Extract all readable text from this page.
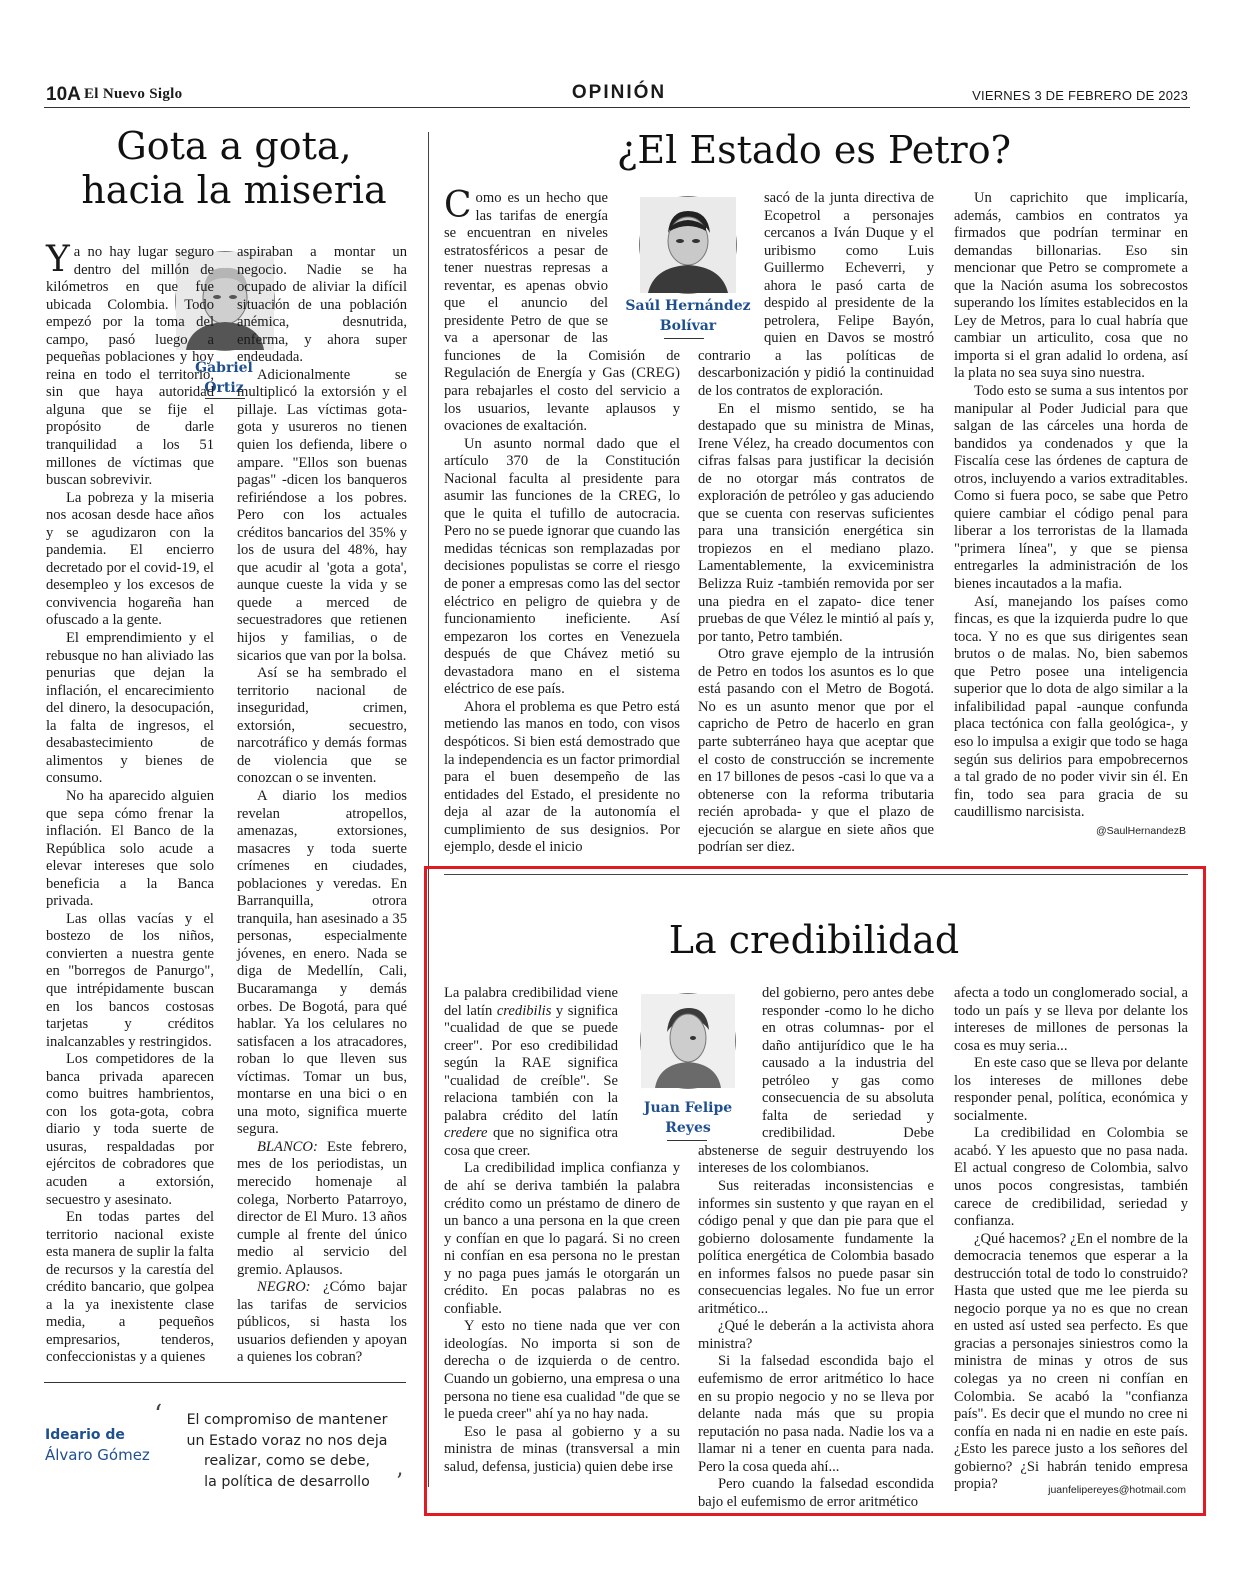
10A El Nuevo Siglo	OPINIÓN	VIERNES 3 DE FEBRERO DE 2023
Gota a gota,
hacia la miseria
Gabriel
Ortiz

Ya no hay lugar seguro dentro del millón de kilómetros en que fue ubicada Colombia. Todo empezó por la toma del campo, pasó luego a pequeñas poblaciones y hoy reina en todo el territorio, sin que haya autoridad alguna que se fije el propósito de darle tranquilidad a los 51 millones de víctimas que buscan sobrevivir.

La pobreza y la miseria nos acosan desde hace años y se agudizaron con la pandemia. El encierro decretado por el covid-19, el desempleo y los excesos de convivencia hogareña han ofuscado a la gente.

El emprendimiento y el rebusque no han aliviado las penurias que dejan la inflación, el encarecimiento del dinero, la desocupación, la falta de ingresos, el desabastecimiento de alimentos y bienes de consumo.

No ha aparecido alguien que sepa cómo frenar la inflación. El Banco de la República solo acude a elevar intereses que solo beneficia a la Banca privada.

Las ollas vacías y el bostezo de los niños, convierten a nuestra gente en "borregos de Panurgo", que intrépidamente buscan en los bancos costosas tarjetas y créditos inalcanzables y restringidos.

Los competidores de la banca privada aparecen como buitres hambrientos, con los gota-gota, cobra diario y toda suerte de usuras, respaldadas por ejércitos de cobradores que acuden a extorsión, secuestro y asesinato.

En todas partes del territorio nacional existe esta manera de suplir la falta de recursos y la carestía del crédito bancario, que golpea a la ya inexistente clase media, a pequeños empresarios, tenderos, confeccionistas y a quienes

aspiraban a montar un negocio. Nadie se ha ocupado de aliviar la difícil situación de una población anémica, desnutrida, enferma, y ahora super endeudada.

Adicionalmente se multiplicó la extorsión y el pillaje. Las víctimas gota-gota y usureros no tienen quien los defienda, libere o ampare. "Ellos son buenas pagas" -dicen los banqueros refiriéndose a los pobres. Pero con los actuales créditos bancarios del 35% y los de usura del 48%, hay que acudir al 'gota a gota', aunque cueste la vida y se quede a merced de secuestradores que retienen hijos y familias, o de sicarios que van por la bolsa.

Así se ha sembrado el territorio nacional de inseguridad, crimen, extorsión, secuestro, narcotráfico y demás formas de violencia que se conozcan o se inventen.

A diario los medios revelan atropellos, amenazas, extorsiones, masacres y toda suerte crímenes en ciudades, poblaciones y veredas. En Barranquilla, otrora tranquila, han asesinado a 35 personas, especialmente jóvenes, en enero. Nada se diga de Medellín, Cali, Bucaramanga y demás orbes. De Bogotá, para qué hablar. Ya los celulares no satisfacen a los atracadores, roban lo que lleven sus víctimas. Tomar un bus, montarse en una bici o en una moto, significa muerte segura.

BLANCO: Este febrero, mes de los periodistas, un merecido homenaje al colega, Norberto Patarroyo, director de El Muro. 13 años cumple al frente del único medio al servicio del gremio. Aplausos.

NEGRO: ¿Cómo bajar las tarifas de servicios públicos, si hasta los usuarios defienden y apoyan a quienes los cobran?

Ideario de
Álvaro Gómez
‘	El compromiso de mantener
un Estado voraz no nos deja
realizar, como se debe,
la política de desarrollo	’
¿El Estado es Petro?
Saúl Hernández
Bolívar

Como es un hecho que las tarifas de energía se encuentran en niveles estratosféricos a pesar de tener nuestras represas a reventar, es apenas obvio que el anuncio del presidente Petro de que se va a apersonar de las funciones de la Comisión de Regulación de Energía y Gas (CREG) para rebajarles el costo del servicio a los usuarios, levante aplausos y ovaciones de exaltación.

Un asunto normal dado que el artículo 370 de la Constitución Nacional faculta al presidente para asumir las funciones de la CREG, lo que le quita el tufillo de autocracia. Pero no se puede ignorar que cuando las medidas técnicas son remplazadas por decisiones populistas se corre el riesgo de poner a empresas como las del sector eléctrico en peligro de quiebra y de funcionamiento ineficiente. Así empezaron los cortes en Venezuela después de que Chávez metió su devastadora mano en el sistema eléctrico de ese país.

Ahora el problema es que Petro está metiendo las manos en todo, con visos despóticos. Si bien está demostrado que la independencia es un factor primordial para el buen desempeño de las entidades del Estado, el presidente no deja al azar de la autonomía el cumplimiento de sus designios. Por ejemplo, desde el inicio

sacó de la junta directiva de Ecopetrol a personajes cercanos a Iván Duque y el uribismo como Luis Guillermo Echeverri, y ahora le pasó carta de despido al presidente de la petrolera, Felipe Bayón, quien en Davos se mostró contrario a las políticas de descarbonización y pidió la continuidad de los contratos de exploración.

En el mismo sentido, se ha destapado que su ministra de Minas, Irene Vélez, ha creado documentos con cifras falsas para justificar la decisión de no otorgar más contratos de exploración de petróleo y gas aduciendo que se cuenta con reservas suficientes para una transición energética sin tropiezos en el mediano plazo. Lamentablemente, la exviceministra Belizza Ruiz -también removida por ser una piedra en el zapato- dice tener pruebas de que Vélez le mintió al país y, por tanto, Petro también.

Otro grave ejemplo de la intrusión de Petro en todos los asuntos es lo que está pasando con el Metro de Bogotá. No es un asunto menor que por el capricho de Petro de hacerlo en gran parte subterráneo haya que aceptar que el costo de construcción se incremente en 17 billones de pesos -casi lo que va a obtenerse con la reforma tributaria recién aprobada- y que el plazo de ejecución se alargue en siete años que podrían ser diez.

Un caprichito que implicaría, además, cambios en contratos ya firmados que podrían terminar en demandas billonarias. Eso sin mencionar que Petro se compromete a que la Nación asuma los sobrecostos superando los límites establecidos en la Ley de Metros, para lo cual habría que cambiar un articulito, cosa que no importa si el gran adalid lo ordena, así la plata no sea suya sino nuestra.

Todo esto se suma a sus intentos por manipular al Poder Judicial para que salgan de las cárceles una horda de bandidos ya condenados y que la Fiscalía cese las órdenes de captura de otros, incluyendo a varios extraditables. Como si fuera poco, se sabe que Petro quiere cambiar el código penal para liberar a los terroristas de la llamada "primera línea", y que se piensa entregarles la administración de los bienes incautados a la mafia.

Así, manejando los países como fincas, es que la izquierda pudre lo que toca. Y no es que sus dirigentes sean brutos o de malas. No, bien sabemos que Petro posee una inteligencia superior que lo dota de algo similar a la infalibilidad papal -aunque confunda placa tectónica con falla geológica-, y eso lo impulsa a exigir que todo se haga según sus delirios para empobrecernos a tal grado de no poder vivir sin él. En fin, todo sea para gracia de su caudillismo narcisista.

@SaulHernandezB
La credibilidad
Juan Felipe
Reyes

La palabra credibilidad viene del latín credibilis y significa "cualidad de que se puede creer". Por eso credibilidad según la RAE significa "cualidad de creíble". Se relaciona también con la palabra crédito del latín credere que no significa otra cosa que creer.

La credibilidad implica confianza y de ahí se deriva también la palabra crédito como un préstamo de dinero de un banco a una persona en la que creen y confían en que lo pagará. Si no creen ni confían en esa persona no le prestan y no paga pues jamás le otorgarán un crédito. En pocas palabras no es confiable.

Y esto no tiene nada que ver con ideologías. No importa si son de derecha o de izquierda o de centro. Cuando un gobierno, una empresa o una persona no tiene esa cualidad "de que se le pueda creer" ahí ya no hay nada.

Eso le pasa al gobierno y a su ministra de minas (transversal a min salud, defensa, justicia) quien debe irse

del gobierno, pero antes debe responder -como lo he dicho en otras columnas- por el daño antijurídico que le ha causado a la industria del petróleo y gas como consecuencia de su absoluta falta de seriedad y credibilidad. Debe abstenerse de seguir destruyendo los intereses de los colombianos.

Sus reiteradas inconsistencias e informes sin sustento y que rayan en el código penal y que dan pie para que el gobierno dolosamente fundamente la política energética de Colombia basado en informes falsos no puede pasar sin consecuencias legales. No fue un error aritmético...

¿Qué le deberán a la activista ahora ministra?

Si la falsedad escondida bajo el eufemismo de error aritmético lo hace en su propio negocio y no se lleva por delante nada más que su propia reputación no pasa nada. Nadie los va a llamar ni a tener en cuenta para nada. Pero la cosa queda ahí...

Pero cuando la falsedad escondida bajo el eufemismo de error aritmético

afecta a todo un conglomerado social, a todo un país y se lleva por delante los intereses de millones de personas la cosa es muy seria...

En este caso que se lleva por delante los intereses de millones debe responder penal, política, económica y socialmente.

La credibilidad en Colombia se acabó. Y les apuesto que no pasa nada. El actual congreso de Colombia, salvo unos pocos congresistas, también carece de credibilidad, seriedad y confianza.

¿Qué hacemos? ¿En el nombre de la democracia tenemos que esperar a la destrucción total de todo lo construido? Hasta que usted que me lee pierda su negocio porque ya no es que no crean en usted así usted sea perfecto. Es que gracias a personajes siniestros como la ministra de minas y otros de sus colegas ya no creen ni confían en Colombia. Se acabó la "confianza país". Es decir que el mundo no cree ni confía en nada ni en nadie en este país. ¿Esto les parece justo a los señores del gobierno? ¿Si habrán tenido empresa propia?	juanfelipereyes@hotmail.com
